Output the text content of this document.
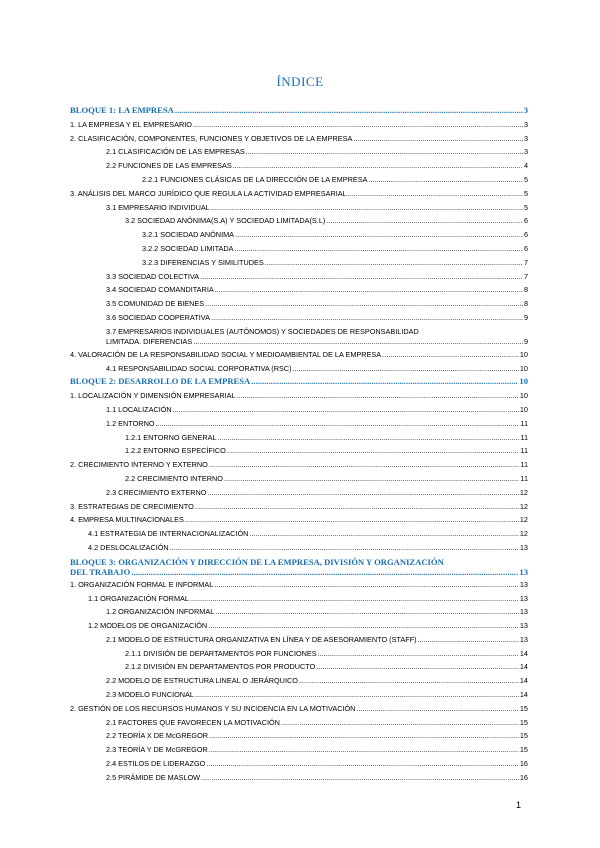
ÍNDICE
BLOQUE 1: LA EMPRESA .....	3
1. LA EMPRESA Y EL EMPRESARIO .....	3
2. CLASIFICACIÓN, COMPONENTES, FUNCIONES Y OBJETIVOS DE LA EMPRESA .....	3
2.1 CLASIFICACIÓN DE LAS EMPRESAS .....	3
2.2 FUNCIONES DE LAS EMPRESAS .....	4
2.2.1 FUNCIONES CLÁSICAS DE LA DIRECCIÓN DE LA EMPRESA .....	5
3. ANÁLISIS DEL MARCO JURÍDICO QUE REGULA LA ACTIVIDAD EMPRESARIAL .....	5
3.1 EMPRESARIO INDIVIDUAL .....	5
3.2 SOCIEDAD ANÓNIMA(S.A) Y SOCIEDAD LIMITADA(S.L) .....	6
3.2.1 SOCIEDAD ANÓNIMA .....	6
3.2.2 SOCIEDAD LIMITADA .....	6
3.2.3 DIFERENCIAS Y SIMILITUDES .....	7
3.3 SOCIEDAD COLECTIVA .....	7
3.4 SOCIEDAD COMANDITARIA .....	8
3.5 COMUNIDAD DE BIENES .....	8
3.6 SOCIEDAD COOPERATIVA .....	9
3.7 EMPRESARIOS INDIVIDUALES (AUTÓNOMOS) Y SOCIEDADES DE RESPONSABILIDAD
LIMITADA. DIFERENCIAS .....	9
4. VALORACIÓN DE LA RESPONSABILIDAD SOCIAL Y MEDIOAMBIENTAL DE LA EMPRESA .....	10
4.1 RESPONSABILIDAD SOCIAL CORPORATIVA (RSC) .....	10
BLOQUE 2: DESARROLLO DE LA EMPRESA .....	10
1. LOCALIZACIÓN Y DIMENSIÓN EMPRESARIAL .....	10
1.1 LOCALIZACIÓN .....	10
1.2 ENTORNO .....	11
1.2.1 ENTORNO GENERAL .....	11
1.2.2 ENTORNO ESPECÍFICO .....	11
2. CRECIMIENTO INTERNO Y EXTERNO .....	11
2.2 CRECIMIENTO INTERNO .....	11
2.3 CRECIMIENTO EXTERNO .....	12
3. ESTRATEGIAS DE CRECIMIENTO .....	12
4. EMPRESA MULTINACIONALES .....	12
4.1 ESTRATEGIA DE INTERNACIONALIZACIÓN .....	12
4.2 DESLOCALIZACIÓN .....	13
BLOQUE 3: ORGANIZACIÓN Y DIRECCIÓN DE LA EMPRESA, DIVISIÓN Y ORGANIZACIÓN
DEL TRABAJO .....	13
1. ORGANIZACIÓN FORMAL E INFORMAL .....	13
1.1 ORGANIZACIÓN FORMAL .....	13
1.2 ORGANIZACIÓN INFORMAL .....	13
1.2 MODELOS DE ORGANIZACIÓN .....	13
2.1 MODELO DE ESTRUCTURA ORGANIZATIVA EN LÍNEA Y DE ASESORAMIENTO (STAFF) .....	13
2.1.1 DIVISIÓN DE DEPARTAMENTOS POR FUNCIONES .....	14
2.1.2 DIVISIÓN EN DEPARTAMENTOS POR PRODUCTO .....	14
2.2 MODELO DE ESTRUCTURA LINEAL O JERÁRQUICO .....	14
2.3 MODELO FUNCIONAL .....	14
2. GESTIÓN DE LOS RECURSOS HUMANOS Y SU INCIDENCIA EN LA MOTIVACIÓN .....	15
2.1 FACTORES QUE FAVORECEN LA MOTIVACIÓN .....	15
2.2 TEORÍA X DE McGREGOR .....	15
2.3 TEORÍA Y DE McGREGOR .....	15
2.4 ESTILOS DE LIDERAZGO .....	16
2.5 PIRÁMIDE DE MASLOW .....	16
1
